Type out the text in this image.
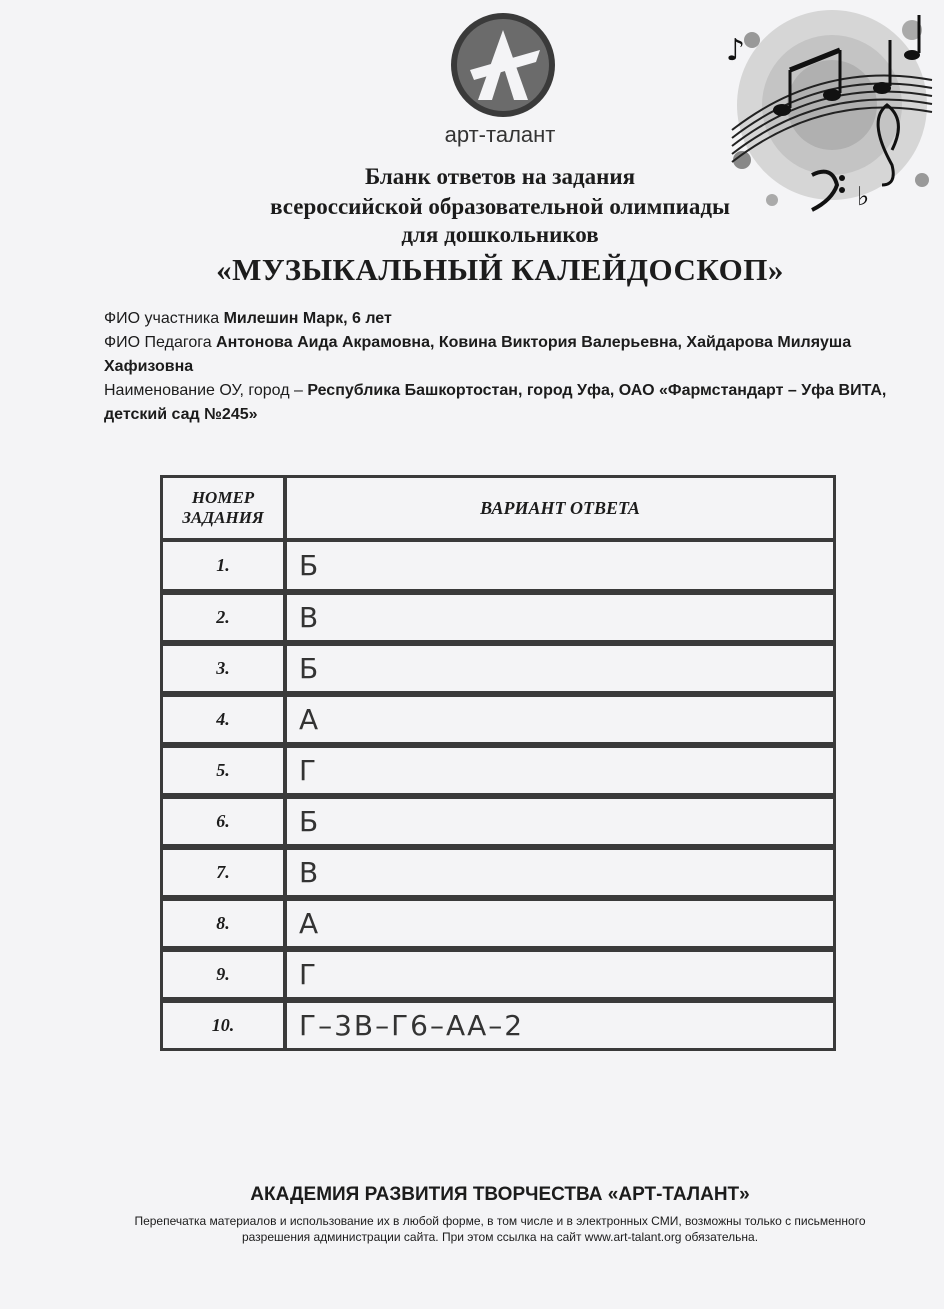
арт-талант
♭
♪
Бланк ответов на задания
всероссийской образовательной олимпиады
для дошкольников
«МУЗЫКАЛЬНЫЙ КАЛЕЙДОСКОП»
ФИО участника Милешин Марк, 6 лет
ФИО Педагога Антонова Аида Акрамовна, Ковина Виктория Валерьевна, Хайдарова Миляуша Хафизовна
Наименование ОУ, город – Республика Башкортостан, город Уфа, ОАО «Фармстандарт – Уфа ВИТА, детский сад №245»
НОМЕР
ЗАДАНИЯ	ВАРИАНТ ОТВЕТА
1.	Б
2.	В
3.	Б
4.	А
5.	Г
6.	Б
7.	В
8.	А
9.	Г
10.	Г–3В–Г6–АА–2
АКАДЕМИЯ РАЗВИТИЯ ТВОРЧЕСТВА «АРТ-ТАЛАНТ»
Перепечатка материалов и использование их в любой форме, в том числе и в электронных СМИ, возможны только с письменного разрешения администрации сайта. При этом ссылка на сайт www.art-talant.org обязательна.
